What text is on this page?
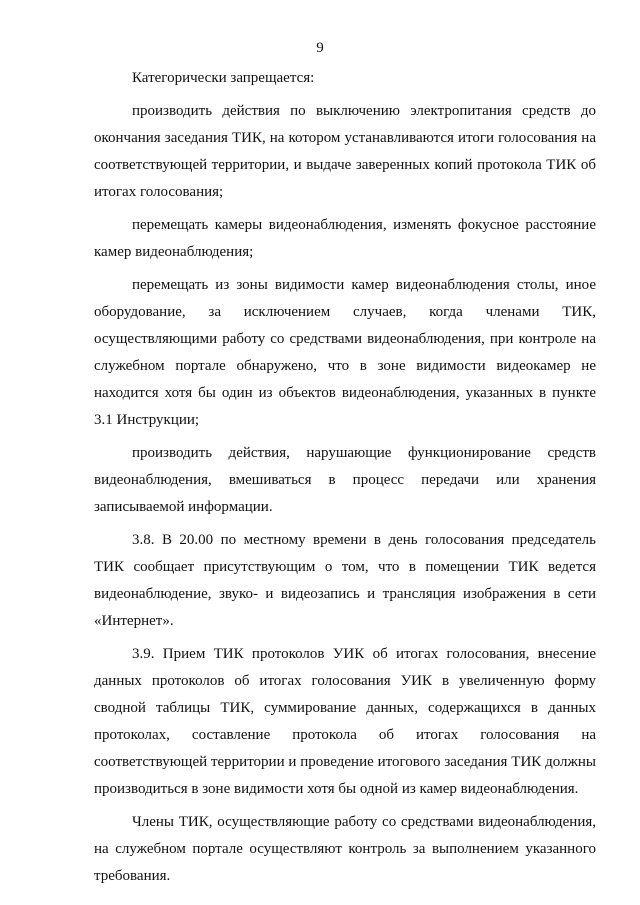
9

Категорически запрещается:

производить действия по выключению электропитания средств до окончания заседания ТИК, на котором устанавливаются итоги голосования на соответствующей территории, и выдаче заверенных копий протокола ТИК об итогах голосования;

перемещать камеры видеонаблюдения, изменять фокусное расстояние камер видеонаблюдения;

перемещать из зоны видимости камер видеонаблюдения столы, иное оборудование, за исключением случаев, когда членами ТИК, осуществляющими работу со средствами видеонаблюдения, при контроле на служебном портале обнаружено, что в зоне видимости видеокамер не находится хотя бы один из объектов видеонаблюдения, указанных в пункте 3.1 Инструкции;

производить действия, нарушающие функционирование средств видеонаблюдения, вмешиваться в процесс передачи или хранения записываемой информации.

3.8. В 20.00 по местному времени в день голосования председатель ТИК сообщает присутствующим о том, что в помещении ТИК ведется видеонаблюдение, звуко- и видеозапись и трансляция изображения в сети «Интернет».

3.9. Прием ТИК протоколов УИК об итогах голосования, внесение данных протоколов об итогах голосования УИК в увеличенную форму сводной таблицы ТИК, суммирование данных, содержащихся в данных протоколах, составление протокола об итогах голосования на соответствующей территории и проведение итогового заседания ТИК должны производиться в зоне видимости хотя бы одной из камер видеонаблюдения.

Члены ТИК, осуществляющие работу со средствами видеонаблюдения, на служебном портале осуществляют контроль за выполнением указанного требования.
